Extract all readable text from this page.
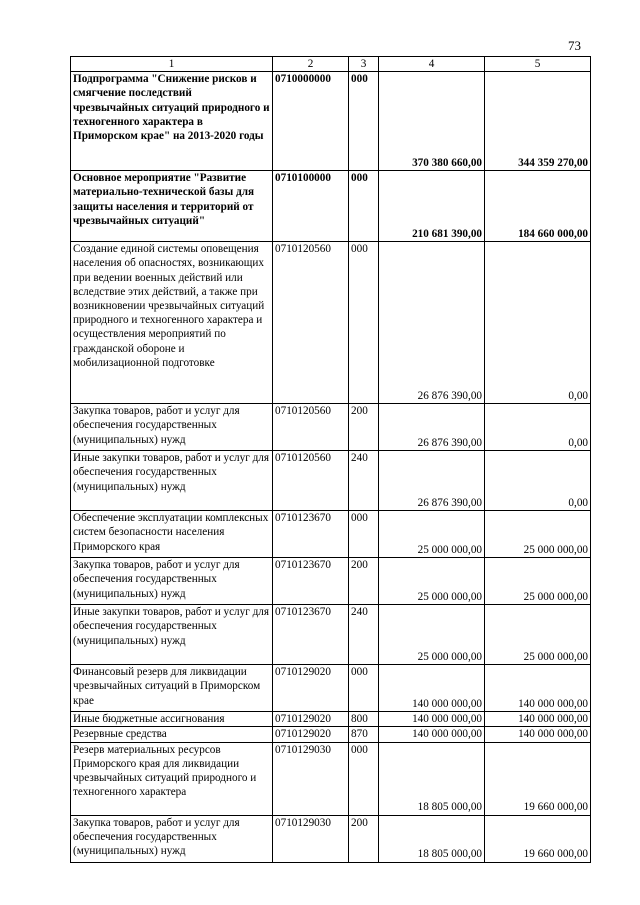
73
1	2	3	4	5
Подпрограмма "Снижение рисков и смягчение последствий чрезвычайных ситуаций природного и техногенного характера в Приморском крае" на 2013-2020 годы	0710000000	000	370 380 660,00	344 359 270,00
Основное мероприятие "Развитие материально-технической базы для защиты населения и территорий от чрезвычайных ситуаций"	0710100000	000	210 681 390,00	184 660 000,00
Создание единой системы оповещения населения об опасностях, возникающих при ведении военных действий или вследствие этих действий, а также при возникновении чрезвычайных ситуаций природного и техногенного характера и осуществления мероприятий по гражданской обороне и мобилизационной подготовке	0710120560	000	26 876 390,00	0,00
Закупка товаров, работ и услуг для обеспечения государственных (муниципальных) нужд	0710120560	200	26 876 390,00	0,00
Иные закупки товаров, работ и услуг для обеспечения государственных (муниципальных) нужд	0710120560	240	26 876 390,00	0,00
Обеспечение эксплуатации комплексных систем безопасности населения Приморского края	0710123670	000	25 000 000,00	25 000 000,00
Закупка товаров, работ и услуг для обеспечения государственных (муниципальных) нужд	0710123670	200	25 000 000,00	25 000 000,00
Иные закупки товаров, работ и услуг для обеспечения государственных (муниципальных) нужд	0710123670	240	25 000 000,00	25 000 000,00
Финансовый резерв для ликвидации чрезвычайных ситуаций в Приморском крае	0710129020	000	140 000 000,00	140 000 000,00
Иные бюджетные ассигнования	0710129020	800	140 000 000,00	140 000 000,00
Резервные средства	0710129020	870	140 000 000,00	140 000 000,00
Резерв материальных ресурсов Приморского края для ликвидации чрезвычайных ситуаций природного и техногенного характера	0710129030	000	18 805 000,00	19 660 000,00
Закупка товаров, работ и услуг для обеспечения государственных (муниципальных) нужд	0710129030	200	18 805 000,00	19 660 000,00
